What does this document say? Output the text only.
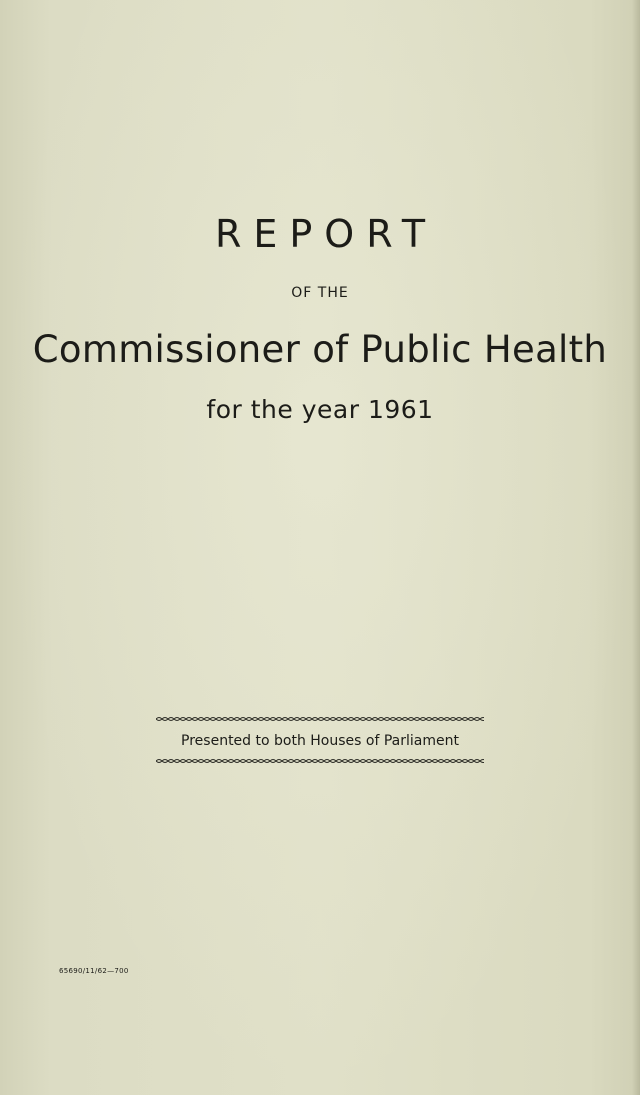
REPORT
OF THE
Commissioner of Public Health
for the year 1961
Presented to both Houses of Parliament
65690/11/62—700
